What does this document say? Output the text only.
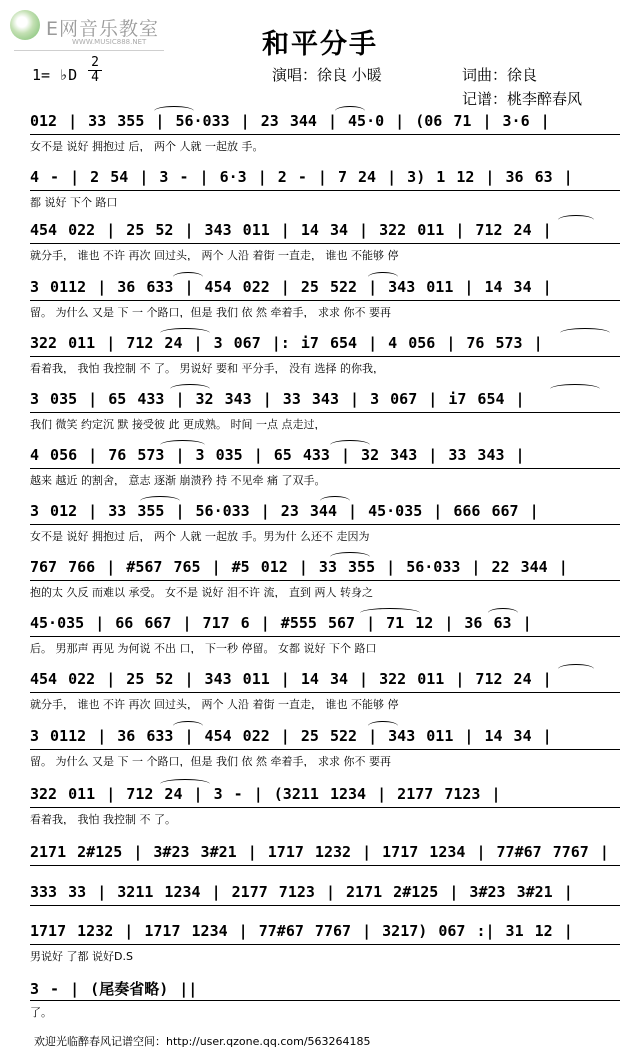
E网音乐教室
WWW.MUSIC888.NET	和平分手
1= ♭D
2
4	演唱：徐良 小暖	词曲：徐良
记谱：桃李醉春风
012 | 33 355 | 56·033 | 23 344 | 45·0 | (06 71 | 3·6 |
女不是 说好 拥抱过 后， 两个 人就 一起放 手。
4 - | 2 54 | 3 - | 6·3 | 2 - | 7 24 | 3) 1 12 | 36 63 |
都 说好 下个 路口
454 022 | 25 52 | 343 011 | 14 34 | 322 011 | 712 24 |
就分手， 谁也 不许 再次 回过头， 两个 人沿 着街 一直走， 谁也 不能够 停
3 0112 | 36 633 | 454 022 | 25 522 | 343 011 | 14 34 |
留。 为什么 又是 下 一 个路口，但是 我们 依 然 牵着手， 求求 你不 要再
322 011 | 712 24 | 3 067 |: i7 654 | 4 056 | 76 573 |
看着我， 我怕 我控制 不 了。 男说好 要和 平分手， 没有 选择 的你我，
3 035 | 65 433 | 32 343 | 33 343 | 3 067 | i7 654 |
我们 微笑 约定沉 默 接受彼 此 更成熟。 时间 一点 点走过，
4 056 | 76 573 | 3 035 | 65 433 | 32 343 | 33 343 |
越来 越近 的割舍， 意志 逐渐 崩溃矜 持 不见牵 痛 了双手。
3 012 | 33 355 | 56·033 | 23 344 | 45·035 | 666 667 |
女不是 说好 拥抱过 后， 两个 人就 一起放 手。男为什 么还不 走因为
767 766 | #567 765 | #5 012 | 33 355 | 56·033 | 22 344 |
抱的太 久反 而难以 承受。 女不是 说好 泪不许 流， 直到 两人 转身之
45·035 | 66 667 | 717 6 | #555 567 | 71 12 | 36 63 |
后。 男那声 再见 为何说 不出 口， 下一秒 停留。 女都 说好 下个 路口
454 022 | 25 52 | 343 011 | 14 34 | 322 011 | 712 24 |
就分手， 谁也 不许 再次 回过头， 两个 人沿 着街 一直走， 谁也 不能够 停
3 0112 | 36 633 | 454 022 | 25 522 | 343 011 | 14 34 |
留。 为什么 又是 下 一 个路口，但是 我们 依 然 牵着手， 求求 你不 要再
322 011 | 712 24 | 3 - | (3211 1234 | 2177 7123 |
看着我， 我怕 我控制 不 了。
2171 2#125 | 3#23 3#21 | 1717 1232 | 1717 1234 | 77#67 7767 |
333 33 | 3211 1234 | 2177 7123 | 2171 2#125 | 3#23 3#21 |
1717 1232 | 1717 1234 | 77#67 7767 | 3217) 067 :| 31 12 |
男说好 了都 说好D.S
3 - | (尾奏省略) ||
了。
欢迎光临醉春风记谱空间：http://user.qzone.qq.com/563264185
